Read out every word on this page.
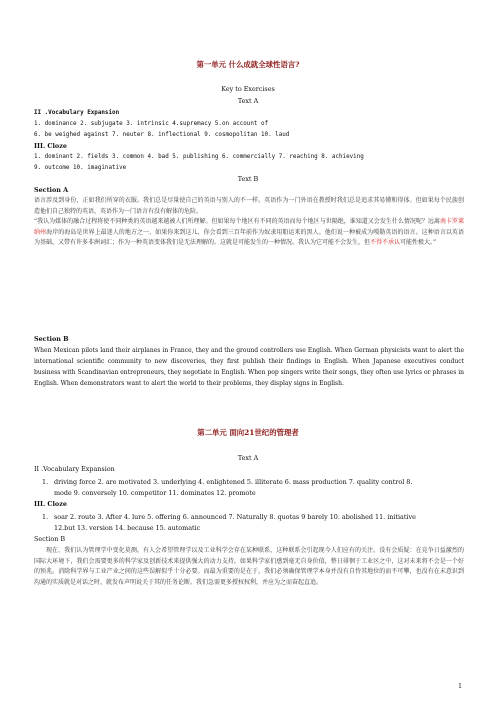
第一单元 什么成就全球性语言?
Key to Exercises
Text A
II .Vocabulary Expansion
1. dominance 2. subjugate 3. intrinsic 4.supremacy 5.on account of
6. be weighed against 7. neuter 8. inflectional 9. cosmopolitan 10. laud
III. Cloze
1. dominant 2. fields 3. common 4. bad 5. publishing 6. commercially 7. reaching 8. achieving
9. outcome 10. imaginative
Text B
Section A
语言涉及到身份，正如我们所穿的衣服。我们总是尽量使自己的英语与别人的不一样。英语作为一门外语在教授时我们总是追求其易懂和得体。但如果每个民族创造他们自己独特的英语，英语作为一门语言有没有解体的危险。
“我认为媒体的融合过程将使不同种类的英语越来越被人们所理解。但如果每个地区有不同的英语而每个地区与世隔绝，谁知道又会发生什么情况呢？远离南卡罗莱纳州海岸的海岛是世界上最迷人的地方之一，如果你来到这儿，你会看到三百年前作为奴隶用船运来的黑人。他们说一种被成为嘎勒英语的语言。这种语言以英语为基础，又带有许多非洲词汇；作为一种英语变体我们是无法理解的。这就是可能发生的一种情况。我认为它可能不会发生，但不得不承认可能性极大。”
Section B
When Mexican pilots land their airplanes in France, they and the ground controllers use English. When German physicists want to alert the international scientific community to new discoveries, they first publish their findings in English. When Japanese executives conduct business with Scandinavian entrepreneurs, they negotiate in English. When pop singers write their songs, they often use lyrics or phrases in English. When demonstrators want to alert the world to their problems, they display signs in English.
第二单元 面向21世纪的管理者
Text A
II .Vocabulary Expansion
1. driving force 2. are motivated 3. underlying 4. enlightened 5. illiterate 6. mass production 7. quality control 8.
mode 9. conversely 10. competitor 11. dominates 12. promote
III. Cloze
1. soar 2. route 3. After 4. lure 5. offering 6. announced 7. Naturally 8. quotas 9 barely 10. abolished 11. initiative
12.but 13. version 14. because 15. automatic
Section B
现在，我们认为管理学中变化莫测。有人会希望管理学以及工业科学会存在某种联系，这种联系会引起现今人们应有的关注。没有会质疑：在竞争日益激烈的国际大环境下，我们会需要更多的科学家及创新技术来提供强大的动力支持。如果科学家们感到毫无自身价值，整日徘徊于工业区之中，这对未来将不会是一个好的预兆。消除科学界与工业产业之间的这些误解似乎十分必要。而最为重要的是在于，我们必须确保管理学本身并没有自恃其地位的而不可攀，也没有在未意识到沟通的实质就是对话之时，就发布声明说关于其的任务论断。我们急需更多授权权利，并应为之而奋起直追。
1
